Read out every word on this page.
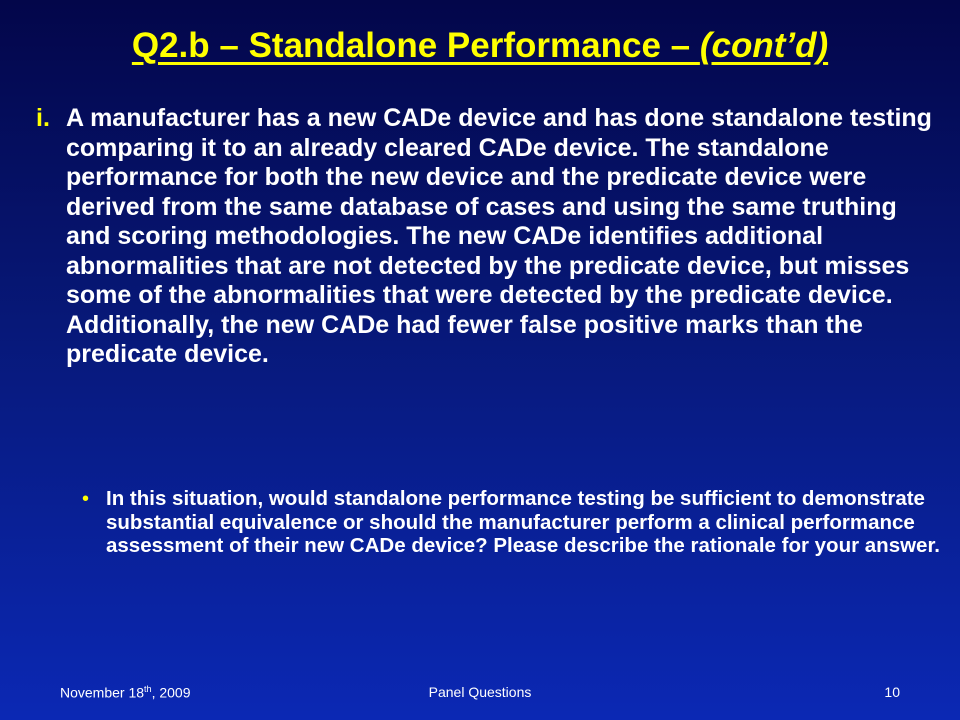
Q2.b – Standalone Performance – (cont’d)
i. A manufacturer has a new CADe device and has done standalone testing comparing it to an already cleared CADe device. The standalone performance for both the new device and the predicate device were derived from the same database of cases and using the same truthing and scoring methodologies. The new CADe identifies additional abnormalities that are not detected by the predicate device, but misses some of the abnormalities that were detected by the predicate device. Additionally, the new CADe had fewer false positive marks than the predicate device.
• In this situation, would standalone performance testing be sufficient to demonstrate substantial equivalence or should the manufacturer perform a clinical performance assessment of their new CADe device? Please describe the rationale for your answer.
November 18th, 2009	Panel Questions	10
